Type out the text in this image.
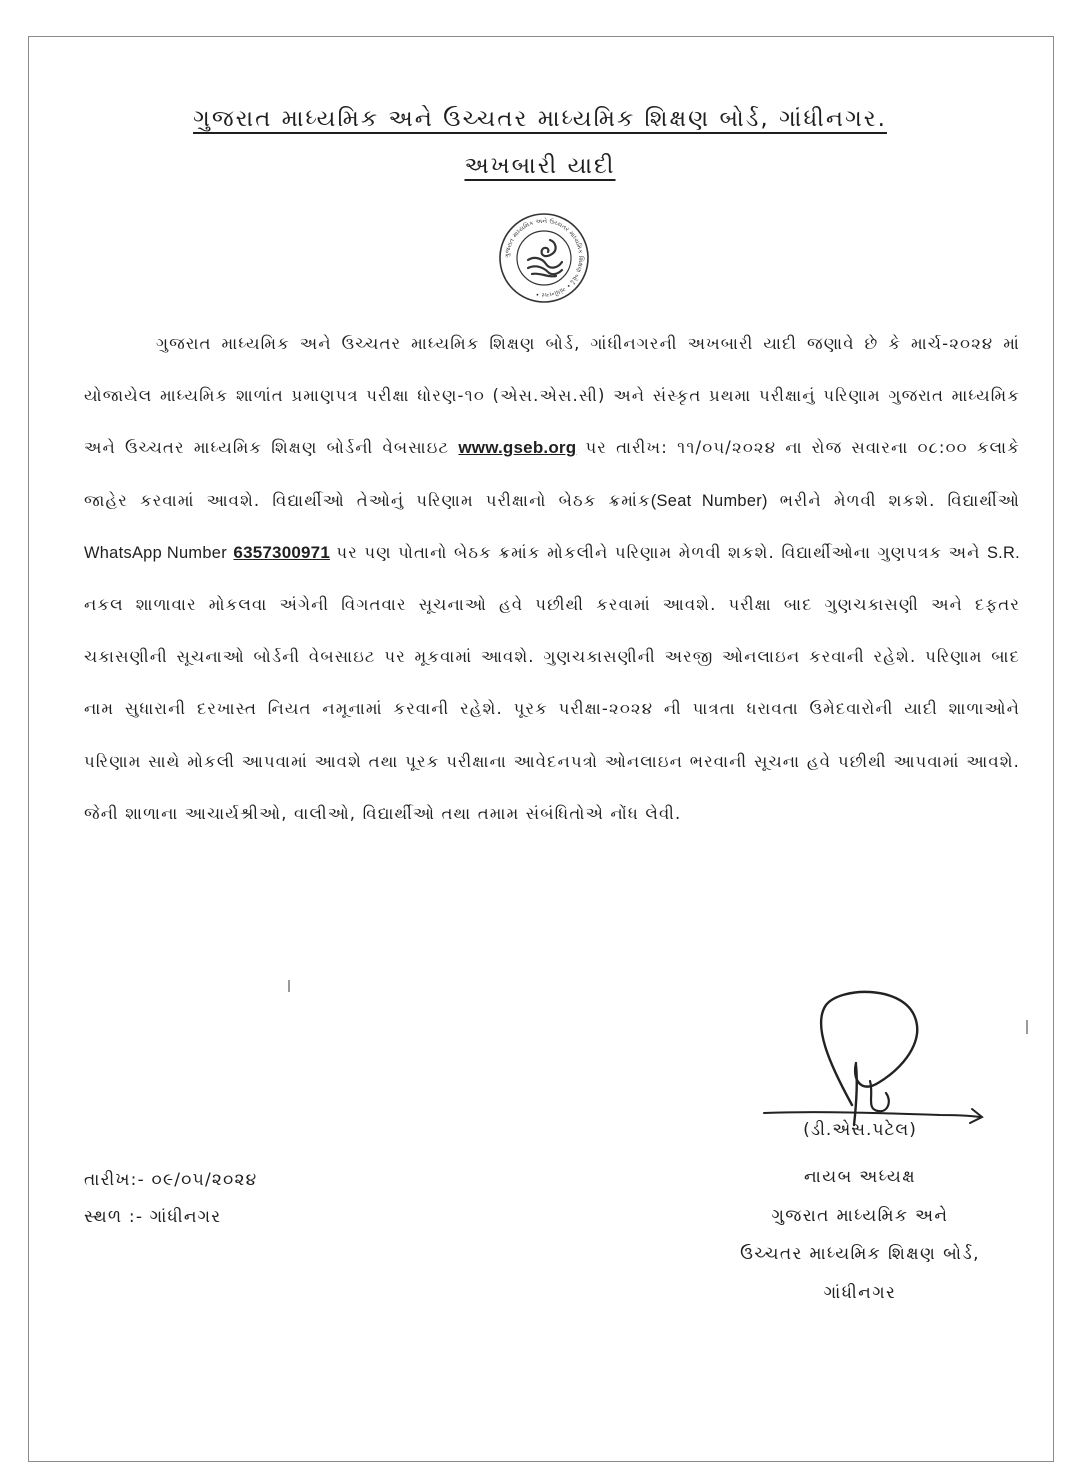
ગુજરાત માધ્યમિક અને ઉચ્ચતર માધ્યમિક શિક્ષણ બોર્ડ, ગાંધીનગર.
અખબારી યાદી
ગુજરાત માધ્યમિક અને ઉચ્ચતર માધ્યમિક શિક્ષણ બોર્ડ • ગાંધીનગર •
ગુજરાત માધ્યમિક અને ઉચ્ચતર માધ્યમિક શિક્ષણ બોર્ડ, ગાંધીનગરની અખબારી યાદી જણાવે છે કે માર્ચ-૨૦૨૪ માં યોજાયેલ માધ્યમિક શાળાંત પ્રમાણપત્ર પરીક્ષા ધોરણ-૧૦ (એસ.એસ.સી) અને સંસ્કૃત પ્રથમા પરીક્ષાનું પરિણામ ગુજરાત માધ્યમિક અને ઉચ્ચતર માધ્યમિક શિક્ષણ બોર્ડની વેબસાઇટ www.gseb.org પર તારીખ: ૧૧/૦૫/૨૦૨૪ ના રોજ સવારના ૦૮:૦૦ કલાકે જાહેર કરવામાં આવશે. વિદ્યાર્થીઓ તેઓનું પરિણામ પરીક્ષાનો બેઠક ક્રમાંક(Seat Number) ભરીને મેળવી શકશે. વિદ્યાર્થીઓ WhatsApp Number 6357300971 પર પણ પોતાનો બેઠક ક્રમાંક મોકલીને પરિણામ મેળવી શકશે. વિદ્યાર્થીઓના ગુણપત્રક અને S.R. નકલ શાળાવાર મોકલવા અંગેની વિગતવાર સૂચનાઓ હવે પછીથી કરવામાં આવશે. પરીક્ષા બાદ ગુણચકાસણી અને દફતર ચકાસણીની સૂચનાઓ બોર્ડની વેબસાઇટ પર મૂકવામાં આવશે. ગુણચકાસણીની અરજી ઓનલાઇન કરવાની રહેશે. પરિણામ બાદ નામ સુધારાની દરખાસ્ત નિયત નમૂનામાં કરવાની રહેશે. પૂરક પરીક્ષા-૨૦૨૪ ની પાત્રતા ધરાવતા ઉમેદવારોની યાદી શાળાઓને પરિણામ સાથે મોકલી આપવામાં આવશે તથા પૂરક પરીક્ષાના આવેદનપત્રો ઓનલાઇન ભરવાની સૂચના હવે પછીથી આપવામાં આવશે. જેની શાળાના આચાર્યશ્રીઓ, વાલીઓ, વિદ્યાર્થીઓ તથા તમામ સંબંધિતોએ નોંધ લેવી.
(ડી.એસ.પટેલ)
નાયબ અધ્યક્ષ
ગુજરાત માધ્યમિક અને
ઉચ્ચતર માધ્યમિક શિક્ષણ બોર્ડ,
ગાંધીનગર
તારીખ:- ૦૯/૦૫/૨૦૨૪
સ્થળ :- ગાંધીનગર
